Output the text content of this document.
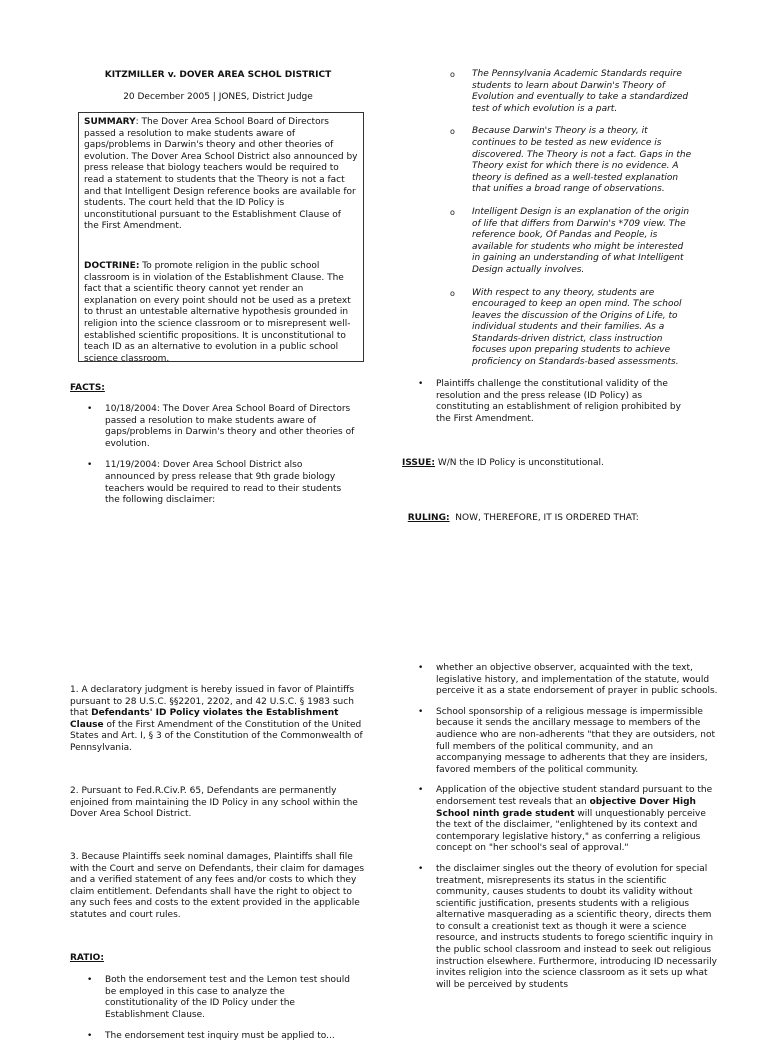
KITZMILLER v. DOVER AREA SCHOL DISTRICT
20 December 2005 | JONES, District Judge

SUMMARY: The Dover Area School Board of Directors passed a resolution to make students aware of gaps/problems in Darwin's theory and other theories of evolution. The Dover Area School District also announced by press release that biology teachers would be required to read a statement to students that the Theory is not a fact and that Intelligent Design reference books are available for students. The court held that the ID Policy is unconstitutional pursuant to the Establishment Clause of the First Amendment.

DOCTRINE: To promote religion in the public school classroom is in violation of the Establishment Clause. The fact that a scientific theory cannot yet render an explanation on every point should not be used as a pretext to thrust an untestable alternative hypothesis grounded in religion into the science classroom or to misrepresent well-established scientific propositions. It is unconstitutional to teach ID as an alternative to evolution in a public school science classroom.

FACTS:
• 10/18/2004: The Dover Area School Board of Directors passed a resolution to make students aware of gaps/problems in Darwin's theory and other theories of evolution.
• 11/19/2004: Dover Area School District also announced by press release that 9th grade biology teachers would be required to read to their students the following disclaimer:
o The Pennsylvania Academic Standards require students to learn about Darwin's Theory of Evolution and eventually to take a standardized test of which evolution is a part.
o Because Darwin's Theory is a theory, it continues to be tested as new evidence is discovered. The Theory is not a fact. Gaps in the Theory exist for which there is no evidence. A theory is defined as a well-tested explanation that unifies a broad range of observations.
o Intelligent Design is an explanation of the origin of life that differs from Darwin's *709 view. The reference book, Of Pandas and People, is available for students who might be interested in gaining an understanding of what Intelligent Design actually involves.
o With respect to any theory, students are encouraged to keep an open mind. The school leaves the discussion of the Origins of Life, to individual students and their families. As a Standards-driven district, class instruction focuses upon preparing students to achieve proficiency on Standards-based assessments.
• Plaintiffs challenge the constitutional validity of the resolution and the press release (ID Policy) as constituting an establishment of religion prohibited by the First Amendment.
ISSUE: W/N the ID Policy is unconstitutional.

RULING:  NOW, THEREFORE, IT IS ORDERED THAT:

1. A declaratory judgment is hereby issued in favor of Plaintiffs pursuant to 28 U.S.C. §§2201, 2202, and 42 U.S.C. § 1983 such that Defendants' ID Policy violates the Establishment Clause of the First Amendment of the Constitution of the United States and Art. I, § 3 of the Constitution of the Commonwealth of Pennsylvania.
2. Pursuant to Fed.R.Civ.P. 65, Defendants are permanently enjoined from maintaining the ID Policy in any school within the Dover Area School District.
3. Because Plaintiffs seek nominal damages, Plaintiffs shall file with the Court and serve on Defendants, their claim for damages and a verified statement of any fees and/or costs to which they claim entitlement. Defendants shall have the right to object to any such fees and costs to the extent provided in the applicable statutes and court rules.
RATIO:
• Both the endorsement test and the Lemon test should be employed in this case to analyze the constitutionality of the ID Policy under the Establishment Clause.
• The endorsement test inquiry must be applied to...
• whether an objective observer, acquainted with the text, legislative history, and implementation of the statute, would perceive it as a state endorsement of prayer in public schools.
• School sponsorship of a religious message is impermissible because it sends the ancillary message to members of the audience who are non-adherents "that they are outsiders, not full members of the political community, and an accompanying message to adherents that they are insiders, favored members of the political community.
• Application of the objective student standard pursuant to the endorsement test reveals that an objective Dover High School ninth grade student will unquestionably perceive the text of the disclaimer, "enlightened by its context and contemporary legislative history," as conferring a religious concept on "her school's seal of approval."
• the disclaimer singles out the theory of evolution for special treatment, misrepresents its status in the scientific community, causes students to doubt its validity without scientific justification, presents students with a religious alternative masquerading as a scientific theory, directs them to consult a creationist text as though it were a science resource, and instructs students to forego scientific inquiry in the public school classroom and instead to seek out religious instruction elsewhere. Furthermore, introducing ID necessarily invites religion into the science classroom as it sets up what will be perceived by students
